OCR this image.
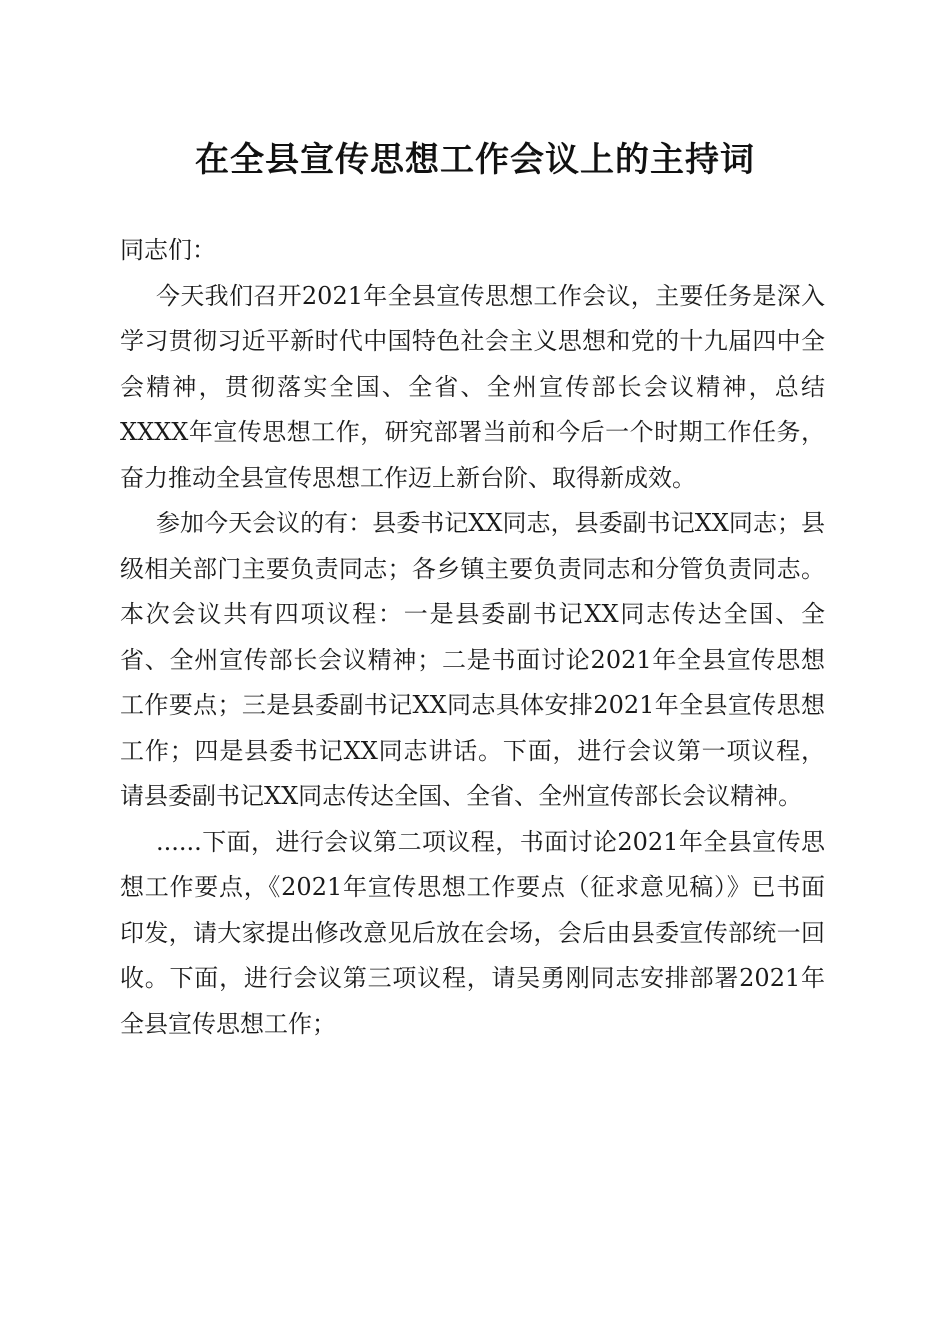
在全县宣传思想工作会议上的主持词

同志们：

今天我们召开2021年全县宣传思想工作会议，主要任务是深入学习贯彻习近平新时代中国特色社会主义思想和党的十九届四中全会精神，贯彻落实全国、全省、全州宣传部长会议精神，总结XXXX年宣传思想工作，研究部署当前和今后一个时期工作任务，奋力推动全县宣传思想工作迈上新台阶、取得新成效。

参加今天会议的有：县委书记XX同志，县委副书记XX同志；县级相关部门主要负责同志；各乡镇主要负责同志和分管负责同志。本次会议共有四项议程：一是县委副书记XX同志传达全国、全省、全州宣传部长会议精神；二是书面讨论2021年全县宣传思想工作要点；三是县委副书记XX同志具体安排2021年全县宣传思想工作；四是县委书记XX同志讲话。下面，进行会议第一项议程，请县委副书记XX同志传达全国、全省、全州宣传部长会议精神。

......下面，进行会议第二项议程，书面讨论2021年全县宣传思想工作要点，《2021年宣传思想工作要点（征求意见稿）》已书面印发，请大家提出修改意见后放在会场，会后由县委宣传部统一回收。下面，进行会议第三项议程，请吴勇刚同志安排部署2021年全县宣传思想工作；
